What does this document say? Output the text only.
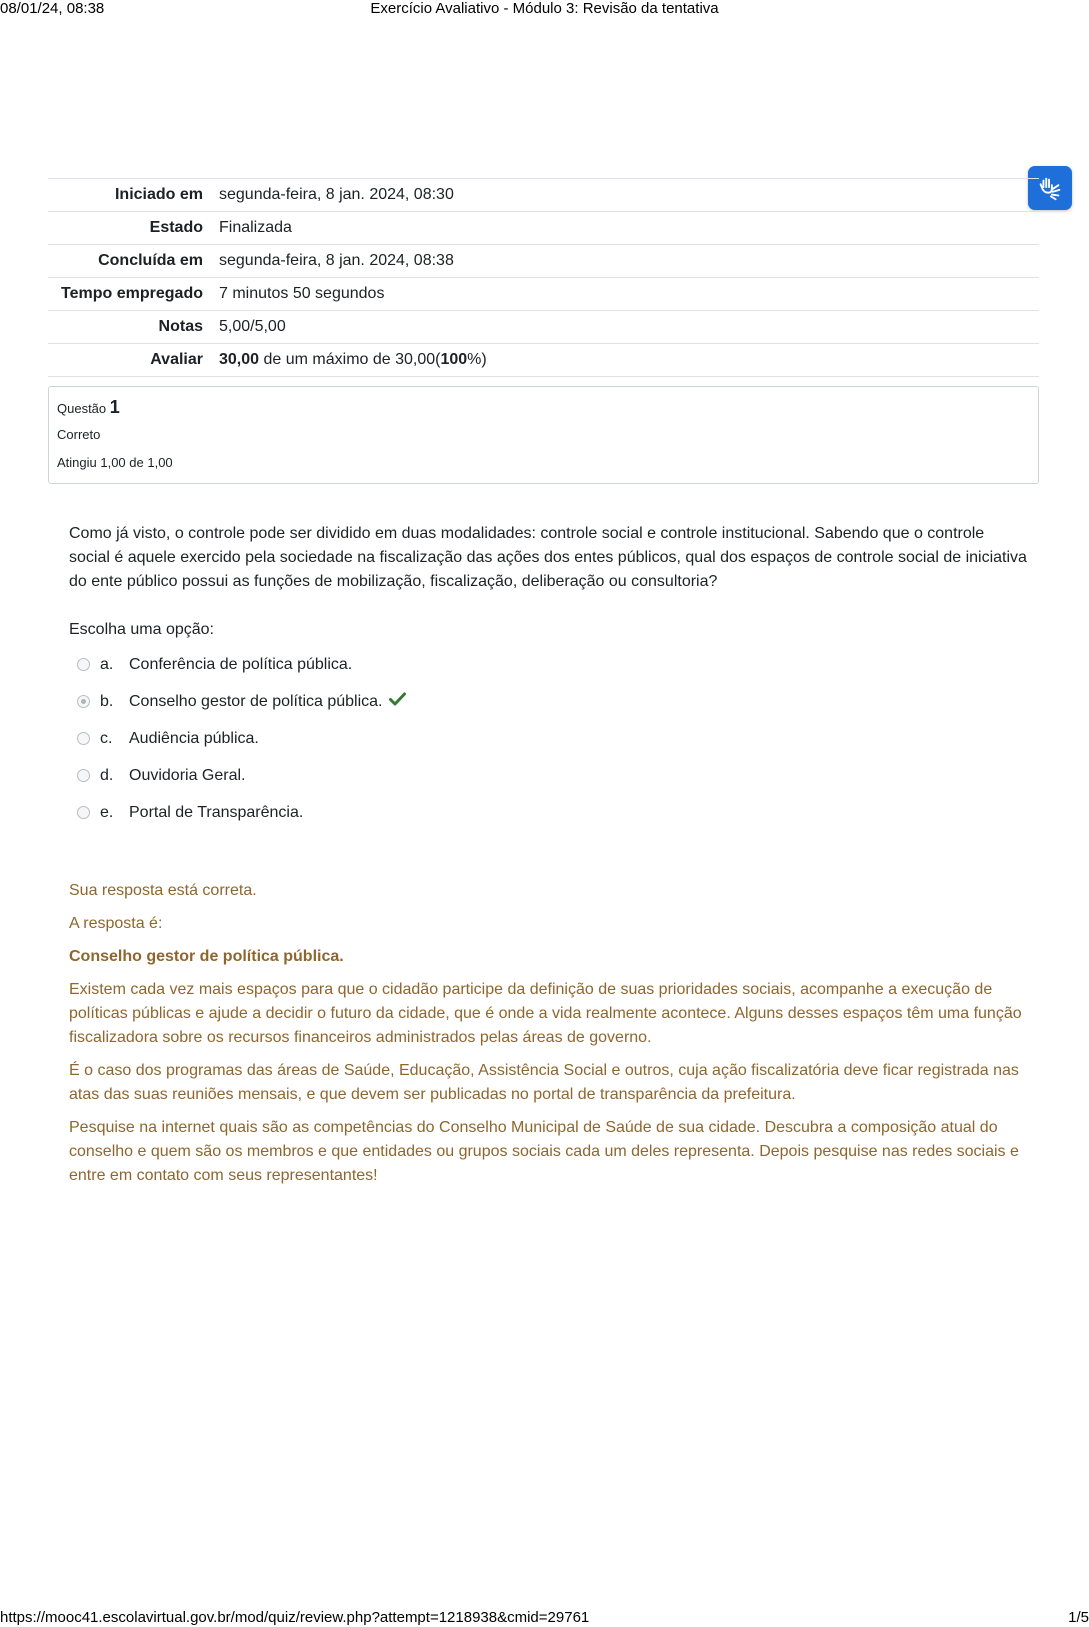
08/01/24, 08:38	Exercício Avaliativo - Módulo 3: Revisão da tentativa
Iniciado em	segunda-feira, 8 jan. 2024, 08:30
Estado	Finalizada
Concluída em	segunda-feira, 8 jan. 2024, 08:38
Tempo empregado	7 minutos 50 segundos
Notas	5,00/5,00
Avaliar	30,00 de um máximo de 30,00(100%)
Questão 1
Correto
Atingiu 1,00 de 1,00
Como já visto, o controle pode ser dividido em duas modalidades: controle social e controle institucional. Sabendo que o controle social é aquele exercido pela sociedade na fiscalização das ações dos entes públicos, qual dos espaços de controle social de iniciativa do ente público possui as funções de mobilização, fiscalização, deliberação ou consultoria?
Escolha uma opção:
a. Conferência de política pública.
b. Conselho gestor de política pública.
c.	Audiência pública.
d. Ouvidoria Geral.
e. Portal de Transparência.

Sua resposta está correta.

A resposta é:

Conselho gestor de política pública.

Existem cada vez mais espaços para que o cidadão participe da definição de suas prioridades sociais, acompanhe a execução de políticas públicas e ajude a decidir o futuro da cidade, que é onde a vida realmente acontece. Alguns desses espaços têm uma função fiscalizadora sobre os recursos financeiros administrados pelas áreas de governo.

É o caso dos programas das áreas de Saúde, Educação, Assistência Social e outros, cuja ação fiscalizatória deve ficar registrada nas atas das suas reuniões mensais, e que devem ser publicadas no portal de transparência da prefeitura.

Pesquise na internet quais são as competências do Conselho Municipal de Saúde de sua cidade. Descubra a composição atual do conselho e quem são os membros e que entidades ou grupos sociais cada um deles representa. Depois pesquise nas redes sociais e entre em contato com seus representantes!

https://mooc41.escolavirtual.gov.br/mod/quiz/review.php?attempt=1218938&cmid=29761	1/5
